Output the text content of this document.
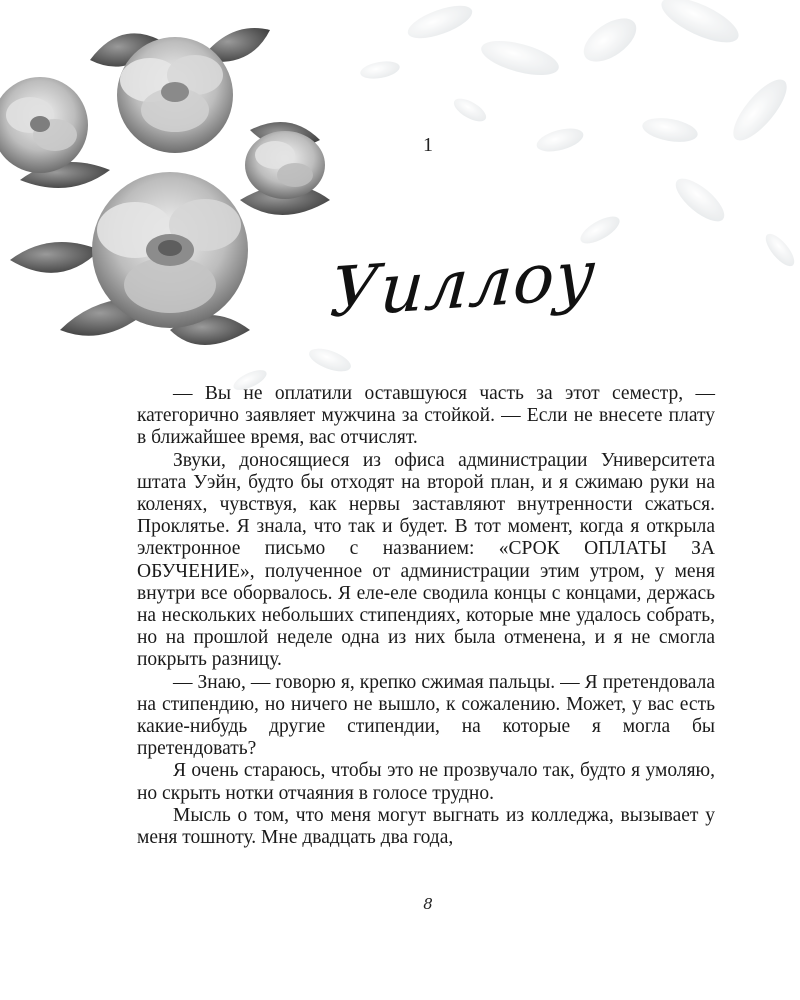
1
Уиллоу

— Вы не оплатили оставшуюся часть за этот семестр, — категорично заявляет мужчина за стойкой. — Если не внесете плату в ближайшее время, вас отчислят.

Звуки, доносящиеся из офиса администрации Университета штата Уэйн, будто бы отходят на второй план, и я сжимаю руки на коленях, чувствуя, как нервы заставляют внутренности сжаться. Проклятье. Я знала, что так и будет. В тот момент, когда я открыла электронное письмо с названием: «СРОК ОПЛАТЫ ЗА ОБУЧЕНИЕ», полученное от администрации этим утром, у меня внутри все оборвалось. Я еле-еле сводила концы с концами, держась на нескольких небольших стипендиях, которые мне удалось собрать, но на прошлой неделе одна из них была отменена, и я не смогла покрыть разницу.

— Знаю, — говорю я, крепко сжимая пальцы. — Я претендовала на стипендию, но ничего не вышло, к сожалению. Может, у вас есть какие-нибудь другие стипендии, на которые я могла бы претендовать?

Я очень стараюсь, чтобы это не прозвучало так, будто я умоляю, но скрыть нотки отчаяния в голосе трудно.

Мысль о том, что меня могут выгнать из колледжа, вызывает у меня тошноту. Мне двадцать два года,

8
